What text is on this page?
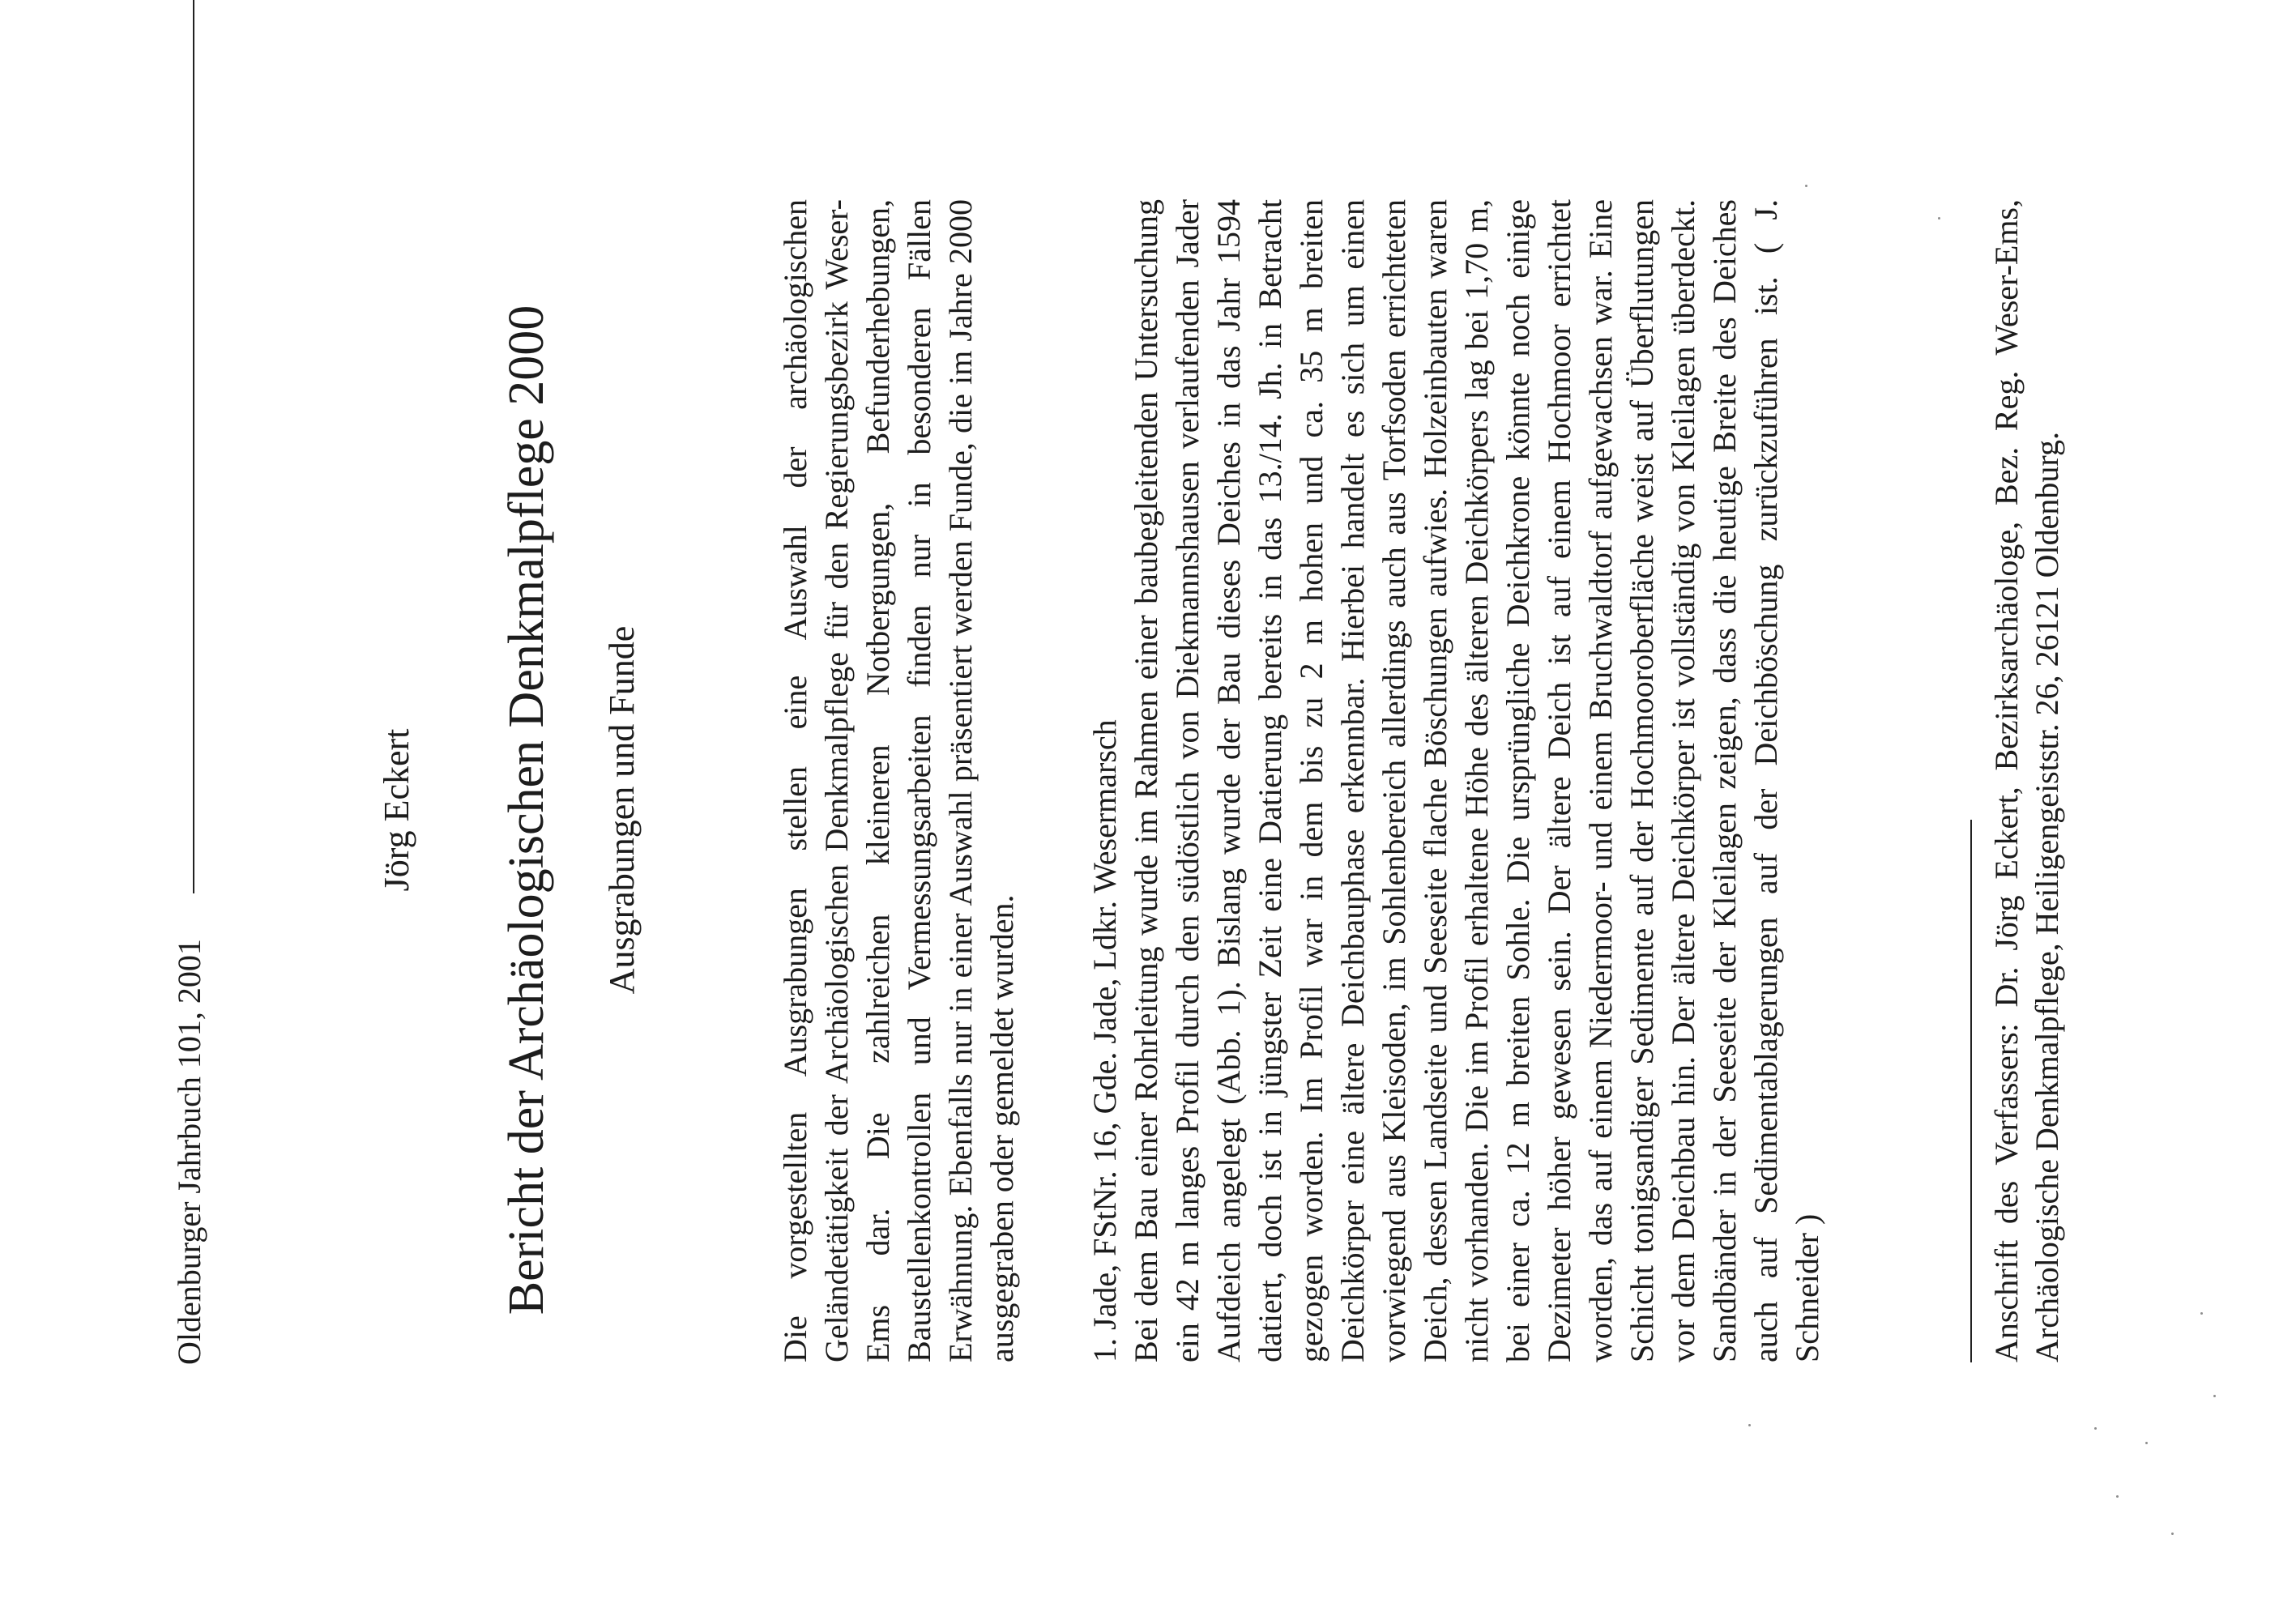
Oldenburger Jahrbuch 101, 2001
Jörg Eckert Bericht der Archäologischen Denkmalpflege 2000 Ausgrabungen und Funde	Die vorgestellten Ausgrabungen stellen eine Auswahl der archäologischen Geländetätigkeit der Archäologischen Denkmalpflege für den Regierungsbezirk Weser-Ems dar. Die zahlreichen kleineren Notbergungen, Befunderhebungen, Baustellenkontrollen und Vermessungsarbeiten finden nur in besonderen Fällen Erwähnung. Ebenfalls nur in einer Auswahl präsentiert werden Funde, die im Jahre 2000 ausgegraben oder gemeldet wurden. 1. Jade, FStNr. 16, Gde. Jade, Ldkr. Wesermarsch Bei dem Bau einer Rohrleitung wurde im Rahmen einer baubegleitenden Untersuchung ein 42 m langes Profil durch den südöstlich von Diekmannshausen verlaufenden Jader Aufdeich angelegt (Abb. 1). Bislang wurde der Bau dieses Deiches in das Jahr 1594 datiert, doch ist in jüngster Zeit eine Datierung bereits in das 13./14. Jh. in Betracht gezogen worden. Im Profil war in dem bis zu 2 m hohen und ca. 35 m breiten Deichkörper eine ältere Deichbauphase erkennbar. Hierbei handelt es sich um einen vorwiegend aus Kleisoden, im Sohlenbereich allerdings auch aus Torfsoden errichteten Deich, dessen Landseite und Seeseite flache Böschungen aufwies. Holzeinbauten waren nicht vorhanden. Die im Profil erhaltene Höhe des älteren Deichkörpers lag bei 1,70 m, bei einer ca. 12 m breiten Sohle. Die ursprüngliche Deichkrone könnte noch einige Dezimeter höher gewesen sein. Der ältere Deich ist auf einem Hochmoor errichtet worden, das auf einem Niedermoor- und einem Bruchwaldtorf aufgewachsen war. Eine Schicht tonigsandiger Sedimente auf der Hochmooroberfläche weist auf Überflutungen vor dem Deichbau hin. Der ältere Deichkörper ist vollständig von Kleilagen überdeckt. Sandbänder in der Seeseite der Kleilagen zeigen, dass die heutige Breite des Deiches auch auf Sedimentablagerungen auf der Deichböschung zurückzuführen ist. ( J. Schneider )	Anschrift des Verfassers: Dr. Jörg Eckert, Bezirksarchäologe, Bez. Reg. Weser-Ems, Archäologische Denkmalpflege, Heiligengeiststr. 26, 26121 Oldenburg.
